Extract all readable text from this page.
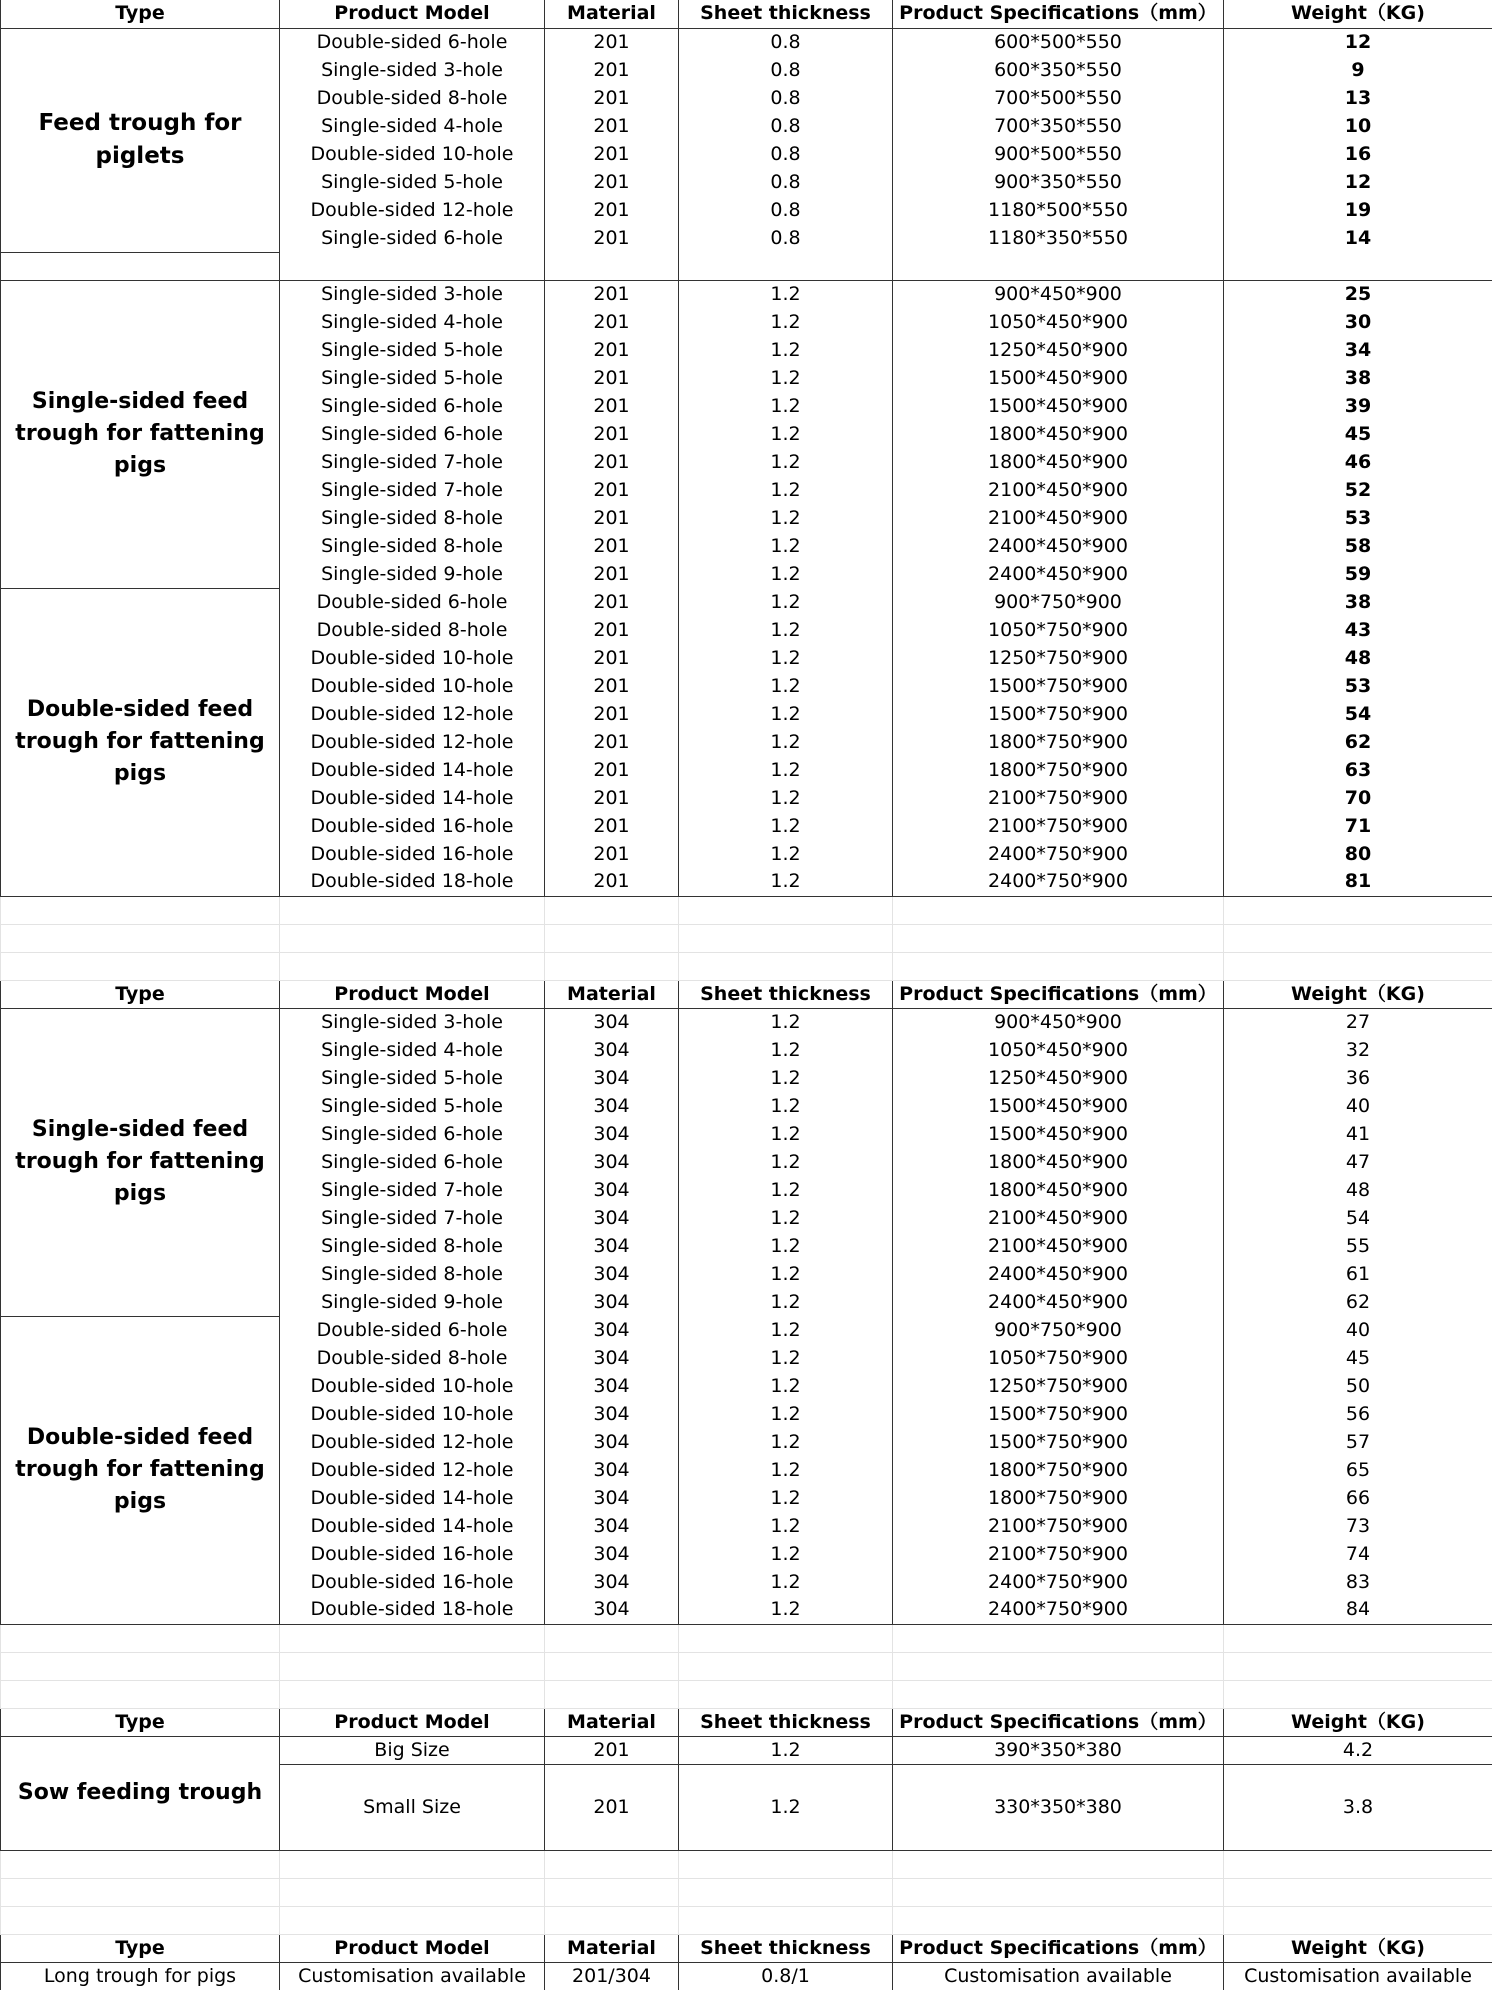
Type	Product Model	Material	Sheet thickness	Product Specifications（mm）	Weight（KG)
Feed trough for piglets	Double-sided 6-hole	201	0.8	600*500*550	12
	Single-sided 3-hole	201	0.8	600*350*550	9
	Double-sided 8-hole	201	0.8	700*500*550	13
	Single-sided 4-hole	201	0.8	700*350*550	10
	Double-sided 10-hole	201	0.8	900*500*550	16
	Single-sided 5-hole	201	0.8	900*350*550	12
	Double-sided 12-hole	201	0.8	1180*500*550	19
	Single-sided 6-hole	201	0.8	1180*350*550	14

Single-sided feed trough for fattening pigs	Single-sided 3-hole	201	1.2	900*450*900	25
	Single-sided 4-hole	201	1.2	1050*450*900	30
	Single-sided 5-hole	201	1.2	1250*450*900	34
	Single-sided 5-hole	201	1.2	1500*450*900	38
	Single-sided 6-hole	201	1.2	1500*450*900	39
	Single-sided 6-hole	201	1.2	1800*450*900	45
	Single-sided 7-hole	201	1.2	1800*450*900	46
	Single-sided 7-hole	201	1.2	2100*450*900	52
	Single-sided 8-hole	201	1.2	2100*450*900	53
	Single-sided 8-hole	201	1.2	2400*450*900	58
	Single-sided 9-hole	201	1.2	2400*450*900	59
Double-sided feed trough for fattening pigs	Double-sided 6-hole	201	1.2	900*750*900	38
	Double-sided 8-hole	201	1.2	1050*750*900	43
	Double-sided 10-hole	201	1.2	1250*750*900	48
	Double-sided 10-hole	201	1.2	1500*750*900	53
	Double-sided 12-hole	201	1.2	1500*750*900	54
	Double-sided 12-hole	201	1.2	1800*750*900	62
	Double-sided 14-hole	201	1.2	1800*750*900	63
	Double-sided 14-hole	201	1.2	2100*750*900	70
	Double-sided 16-hole	201	1.2	2100*750*900	71
	Double-sided 16-hole	201	1.2	2400*750*900	80
	Double-sided 18-hole	201	1.2	2400*750*900	81

Type	Product Model	Material	Sheet thickness	Product Specifications（mm）	Weight（KG)
Single-sided feed trough for fattening pigs	Single-sided 3-hole	304	1.2	900*450*900	27
	Single-sided 4-hole	304	1.2	1050*450*900	32
	Single-sided 5-hole	304	1.2	1250*450*900	36
	Single-sided 5-hole	304	1.2	1500*450*900	40
	Single-sided 6-hole	304	1.2	1500*450*900	41
	Single-sided 6-hole	304	1.2	1800*450*900	47
	Single-sided 7-hole	304	1.2	1800*450*900	48
	Single-sided 7-hole	304	1.2	2100*450*900	54
	Single-sided 8-hole	304	1.2	2100*450*900	55
	Single-sided 8-hole	304	1.2	2400*450*900	61
	Single-sided 9-hole	304	1.2	2400*450*900	62
Double-sided feed trough for fattening pigs	Double-sided 6-hole	304	1.2	900*750*900	40
	Double-sided 8-hole	304	1.2	1050*750*900	45
	Double-sided 10-hole	304	1.2	1250*750*900	50
	Double-sided 10-hole	304	1.2	1500*750*900	56
	Double-sided 12-hole	304	1.2	1500*750*900	57
	Double-sided 12-hole	304	1.2	1800*750*900	65
	Double-sided 14-hole	304	1.2	1800*750*900	66
	Double-sided 14-hole	304	1.2	2100*750*900	73
	Double-sided 16-hole	304	1.2	2100*750*900	74
	Double-sided 16-hole	304	1.2	2400*750*900	83
	Double-sided 18-hole	304	1.2	2400*750*900	84

Type	Product Model	Material	Sheet thickness	Product Specifications（mm）	Weight（KG)
Sow feeding trough	Big Size	201	1.2	390*350*380	4.2
	Small Size	201	1.2	330*350*380	3.8

Type	Product Model	Material	Sheet thickness	Product Specifications（mm）	Weight（KG)
Long trough for pigs	Customisation available	201/304	0.8/1	Customisation available	Customisation available
